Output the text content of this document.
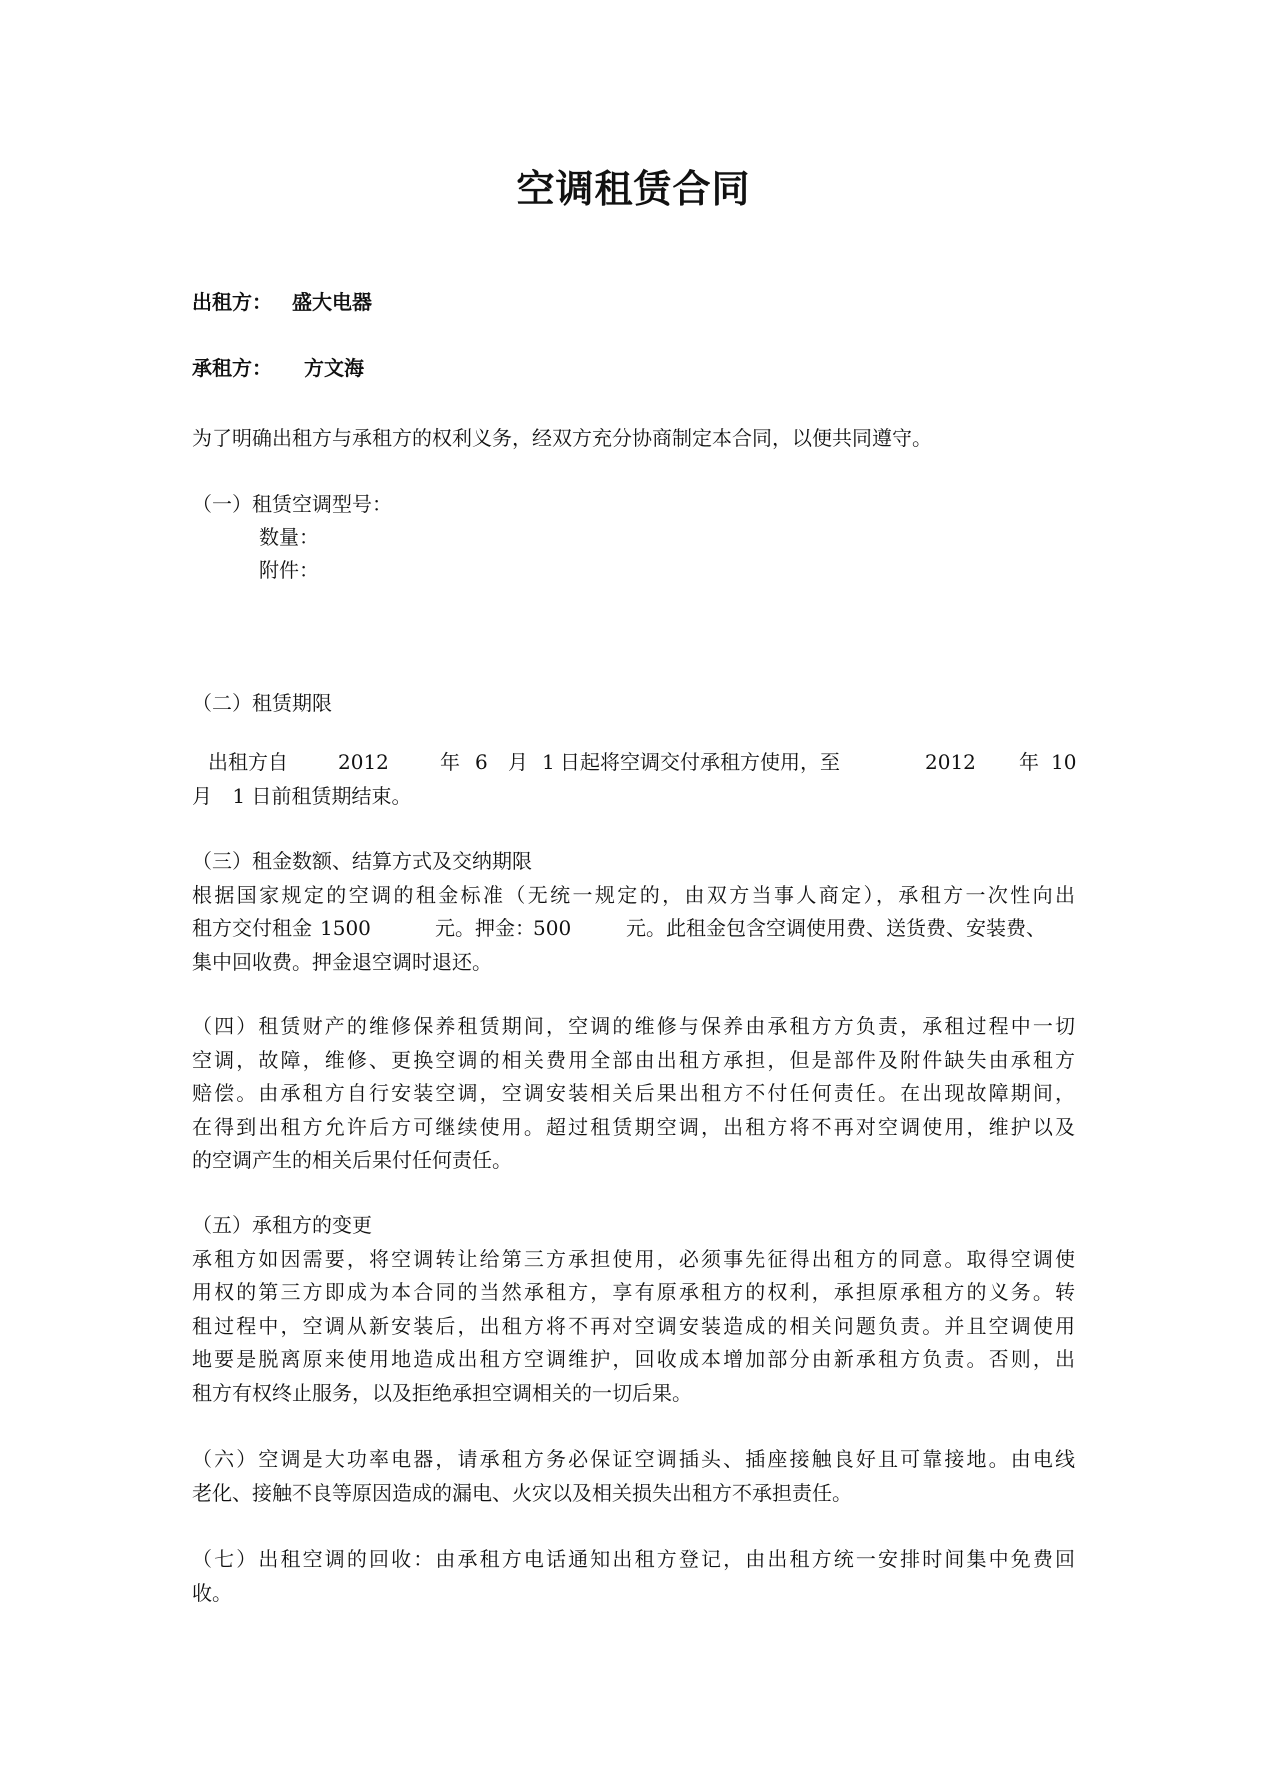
空调租赁合同
出租方： 盛大电器
承租方： 方文海
为了明确出租方与承租方的权利义务，经双方充分协商制定本合同，以便共同遵守。
（一）租赁空调型号：
数量：
附件：
（二）租赁期限

出租方自	2012	年 6 月 1 日起将空调交付承租方使用，至	2012 年 10

月 1 日前租赁期结束。

（三）租金数额、结算方式及交纳期限

根据国家规定的空调的租金标准（无统一规定的，由双方当事人商定），承租方一次性向出

租方交付租金 1500	元。押金：
500	元。此租金包含空调使用费、送货费、安装费、

集中回收费。押金退空调时退还。

（四）租赁财产的维修保养租赁期间，空调的维修与保养由承租方方负责，承租过程中一切

空调，故障，维修、更换空调的相关费用全部由出租方承担，但是部件及附件缺失由承租方

赔偿。由承租方自行安装空调，空调安装相关后果出租方不付任何责任。在出现故障期间，

在得到出租方允许后方可继续使用。超过租赁期空调，出租方将不再对空调使用，维护以及

的空调产生的相关后果付任何责任。

（五）承租方的变更

承租方如因需要，将空调转让给第三方承担使用，必须事先征得出租方的同意。取得空调使

用权的第三方即成为本合同的当然承租方，享有原承租方的权利，承担原承租方的义务。转

租过程中，空调从新安装后，出租方将不再对空调安装造成的相关问题负责。并且空调使用

地要是脱离原来使用地造成出租方空调维护，回收成本增加部分由新承租方负责。否则，出

租方有权终止服务，以及拒绝承担空调相关的一切后果。

（六）空调是大功率电器，请承租方务必保证空调插头、插座接触良好且可靠接地。由电线

老化、接触不良等原因造成的漏电、火灾以及相关损失出租方不承担责任。

（七）出租空调的回收：由承租方电话通知出租方登记，由出租方统一安排时间集中免费回

收。
